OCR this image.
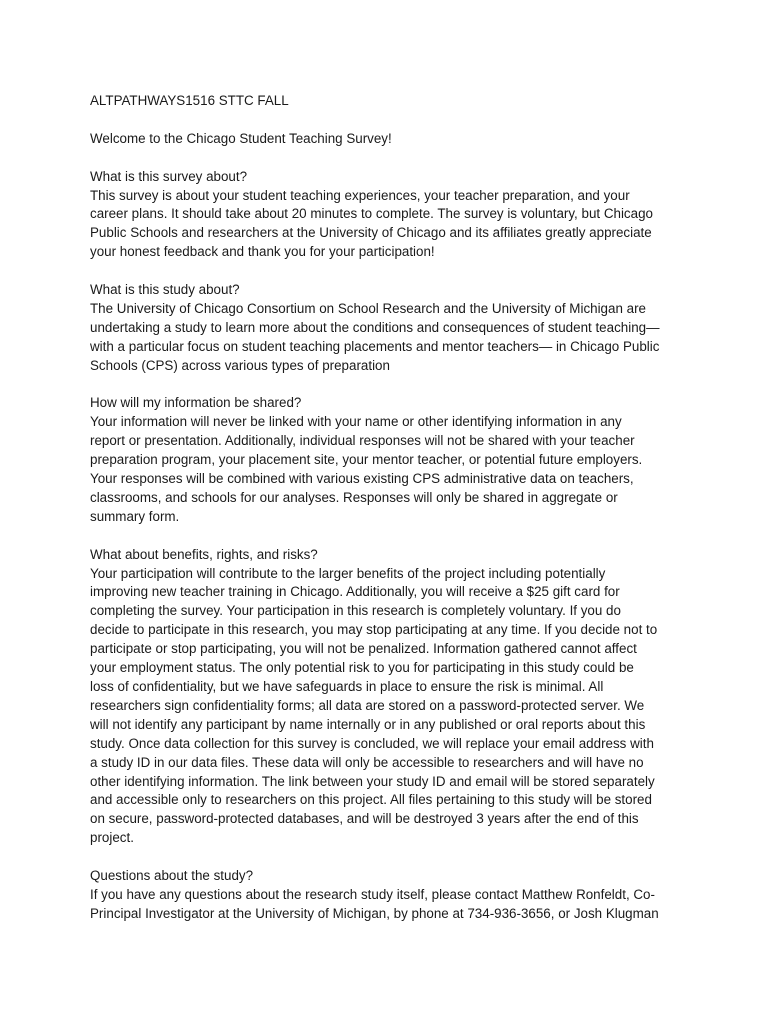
ALTPATHWAYS1516 STTC FALL
Welcome to the Chicago Student Teaching Survey!
What is this survey about?
This survey is about your student teaching experiences, your teacher preparation, and your
career plans. It should take about 20 minutes to complete. The survey is voluntary, but Chicago
Public Schools and researchers at the University of Chicago and its affiliates greatly appreciate
your honest feedback and thank you for your participation!
What is this study about?
The University of Chicago Consortium on School Research and the University of Michigan are
undertaking a study to learn more about the conditions and consequences of student teaching—
with a particular focus on student teaching placements and mentor teachers— in Chicago Public
Schools (CPS) across various types of preparation
How will my information be shared?
Your information will never be linked with your name or other identifying information in any
report or presentation. Additionally, individual responses will not be shared with your teacher
preparation program, your placement site, your mentor teacher, or potential future employers.
Your responses will be combined with various existing CPS administrative data on teachers,
classrooms, and schools for our analyses. Responses will only be shared in aggregate or
summary form.
What about benefits, rights, and risks?
Your participation will contribute to the larger benefits of the project including potentially
improving new teacher training in Chicago. Additionally, you will receive a $25 gift card for
completing the survey. Your participation in this research is completely voluntary. If you do
decide to participate in this research, you may stop participating at any time. If you decide not to
participate or stop participating, you will not be penalized. Information gathered cannot affect
your employment status. The only potential risk to you for participating in this study could be
loss of confidentiality, but we have safeguards in place to ensure the risk is minimal. All
researchers sign confidentiality forms; all data are stored on a password-protected server. We
will not identify any participant by name internally or in any published or oral reports about this
study. Once data collection for this survey is concluded, we will replace your email address with
a study ID in our data files. These data will only be accessible to researchers and will have no
other identifying information. The link between your study ID and email will be stored separately
and accessible only to researchers on this project. All files pertaining to this study will be stored
on secure, password-protected databases, and will be destroyed 3 years after the end of this
project.
Questions about the study?
If you have any questions about the research study itself, please contact Matthew Ronfeldt, Co-
Principal Investigator at the University of Michigan, by phone at 734-936-3656, or Josh Klugman
